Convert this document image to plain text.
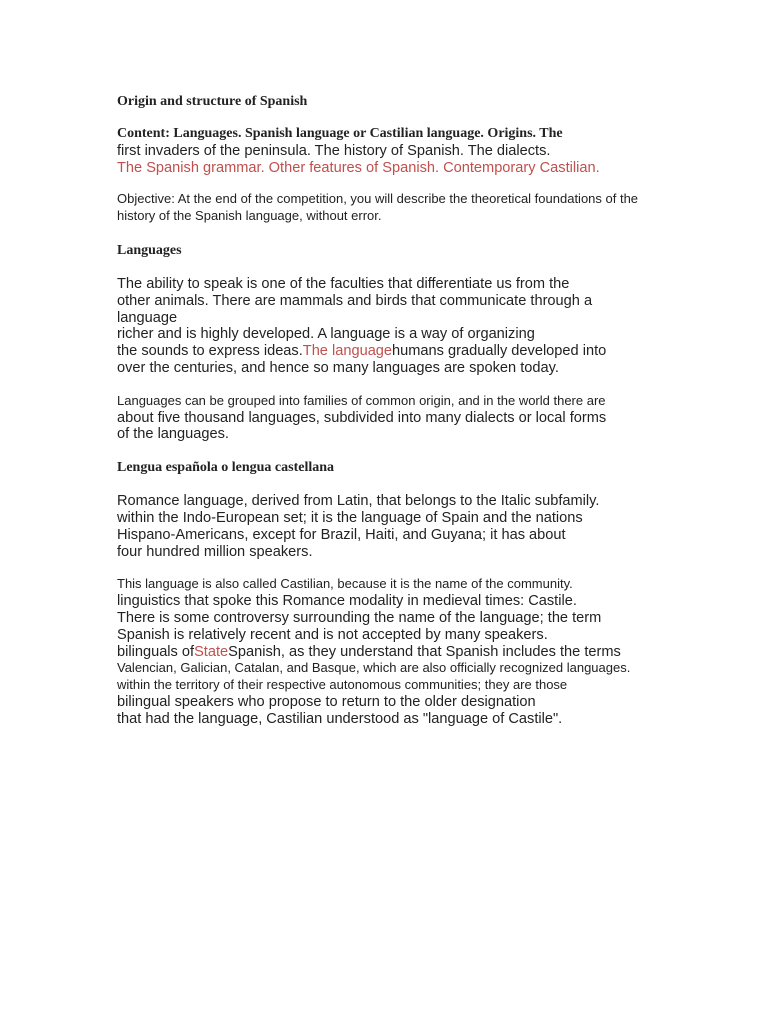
Origin and structure of Spanish
Content: Languages. Spanish language or Castilian language. Origins. The
first invaders of the peninsula. The history of Spanish. The dialects.
The Spanish grammar. Other features of Spanish. Contemporary Castilian.
Objective: At the end of the competition, you will describe the theoretical foundations of the
history of the Spanish language, without error.
Languages
The ability to speak is one of the faculties that differentiate us from the
other animals. There are mammals and birds that communicate through a
language
richer and is highly developed. A language is a way of organizing
the sounds to express ideas.The languagehumans gradually developed into
over the centuries, and hence so many languages are spoken today.
Languages can be grouped into families of common origin, and in the world there are
about five thousand languages, subdivided into many dialects or local forms
of the languages.
Lengua española o lengua castellana
Romance language, derived from Latin, that belongs to the Italic subfamily.
within the Indo-European set; it is the language of Spain and the nations
Hispano-Americans, except for Brazil, Haiti, and Guyana; it has about
four hundred million speakers.
This language is also called Castilian, because it is the name of the community.
linguistics that spoke this Romance modality in medieval times: Castile.
There is some controversy surrounding the name of the language; the term
Spanish is relatively recent and is not accepted by many speakers.
bilinguals ofStateSpanish, as they understand that Spanish includes the terms
Valencian, Galician, Catalan, and Basque, which are also officially recognized languages.
within the territory of their respective autonomous communities; they are those
bilingual speakers who propose to return to the older designation
that had the language, Castilian understood as "language of Castile".
